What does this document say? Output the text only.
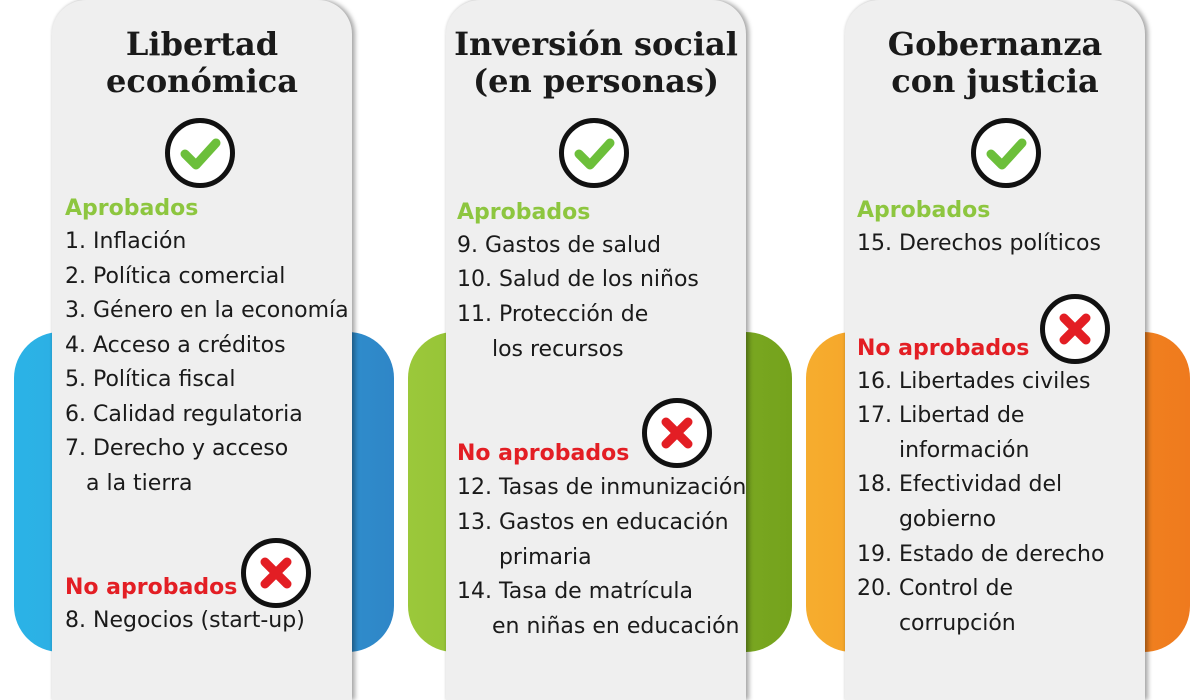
Libertad
económica
Aprobados
1. Inflación
2. Política comercial
3. Género en la economía
4. Acceso a créditos
5. Política fiscal
6. Calidad regulatoria
7. Derecho y acceso
a la tierra
No aprobados
8. Negocios (start-up)
Inversión social
(en personas)
Aprobados
9. Gastos de salud
10. Salud de los niños
11. Protección de
los recursos
No aprobados
12. Tasas de inmunización
13. Gastos en educación
primaria
14. Tasa de matrícula
en niñas en educación
Gobernanza
con justicia
Aprobados
15. Derechos políticos
No aprobados
16. Libertades civiles
17. Libertad de
información
18. Efectividad del
gobierno
19. Estado de derecho
20. Control de
corrupción
